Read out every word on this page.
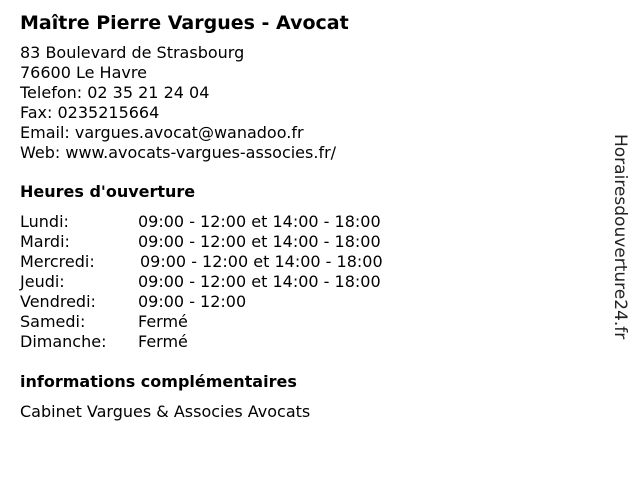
Maître Pierre Vargues - Avocat
83 Boulevard de Strasbourg
76600 Le Havre
Telefon: 02 35 21 24 04
Fax: 0235215664
Email: vargues.avocat@wanadoo.fr
Web: www.avocats-vargues-associes.fr/
Heures d'ouverture
Lundi:	09:00 - 12:00 et 14:00 - 18:00
Mardi:	09:00 - 12:00 et 14:00 - 18:00
Mercredi:	09:00 - 12:00 et 14:00 - 18:00
Jeudi:	09:00 - 12:00 et 14:00 - 18:00
Vendredi:	09:00 - 12:00
Samedi:	Fermé
Dimanche: Fermé
informations complémentaires
Cabinet Vargues & Associes Avocats
Horairesdouverture24.fr
